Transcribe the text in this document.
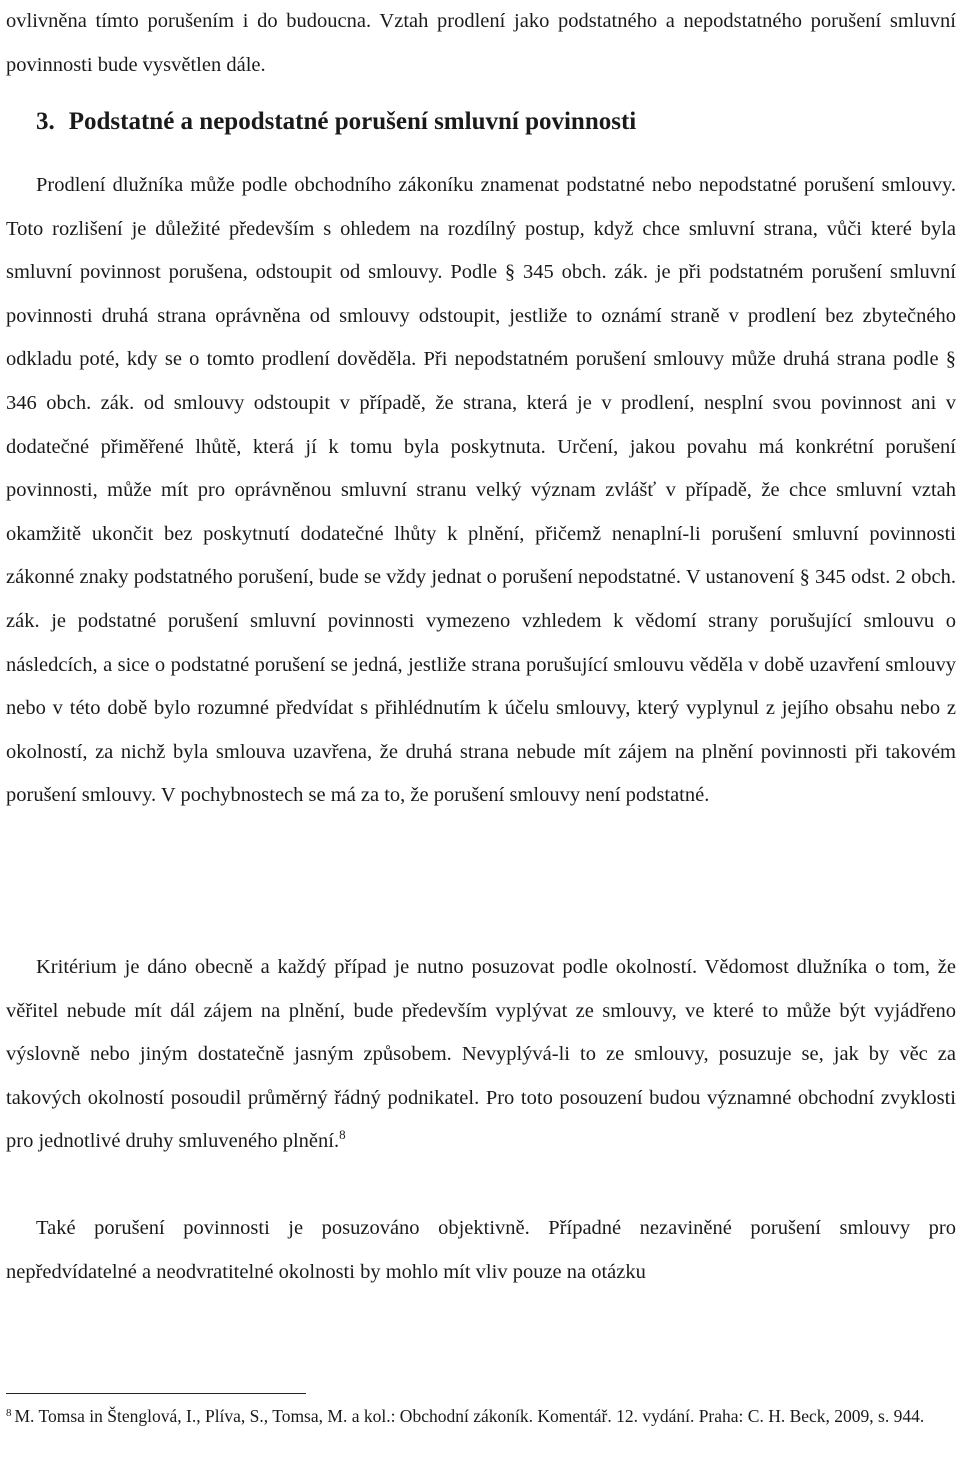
ovlivněna tímto porušením i do budoucna. Vztah prodlení jako podstatného a nepodstatného porušení smluvní povinnosti bude vysvětlen dále.

3. Podstatné a nepodstatné porušení smluvní povinnosti

Prodlení dlužníka může podle obchodního zákoníku znamenat podstatné nebo nepodstatné porušení smlouvy. Toto rozlišení je důležité především s ohledem na rozdílný postup, když chce smluvní strana, vůči které byla smluvní povinnost porušena, odstoupit od smlouvy. Podle § 345 obch. zák. je při podstatném porušení smluvní povinnosti druhá strana oprávněna od smlouvy odstoupit, jestliže to oznámí straně v prodlení bez zbytečného odkladu poté, kdy se o tomto prodlení dověděla. Při nepodstatném porušení smlouvy může druhá strana podle § 346 obch. zák. od smlouvy odstoupit v případě, že strana, která je v prodlení, nesplní svou povinnost ani v dodatečné přiměřené lhůtě, která jí k tomu byla poskytnuta. Určení, jakou povahu má konkrétní porušení povinnosti, může mít pro oprávněnou smluvní stranu velký význam zvlášť v případě, že chce smluvní vztah okamžitě ukončit bez poskytnutí dodatečné lhůty k plnění, přičemž nenaplní-li porušení smluvní povinnosti zákonné znaky podstatného porušení, bude se vždy jednat o porušení nepodstatné. V ustanovení § 345 odst. 2 obch. zák. je podstatné porušení smluvní povinnosti vymezeno vzhledem k vědomí strany porušující smlouvu o následcích, a sice o podstatné porušení se jedná, jestliže strana porušující smlouvu věděla v době uzavření smlouvy nebo v této době bylo rozumné předvídat s přihlédnutím k účelu smlouvy, který vyplynul z jejího obsahu nebo z okolností, za nichž byla smlouva uzavřena, že druhá strana nebude mít zájem na plnění povinnosti při takovém porušení smlouvy. V pochybnostech se má za to, že porušení smlouvy není podstatné.

Kritérium je dáno obecně a každý případ je nutno posuzovat podle okolností. Vědomost dlužníka o tom, že věřitel nebude mít dál zájem na plnění, bude především vyplývat ze smlouvy, ve které to může být vyjádřeno výslovně nebo jiným dostatečně jasným způsobem. Nevyplývá-li to ze smlouvy, posuzuje se, jak by věc za takových okolností posoudil průměrný řádný podnikatel. Pro toto posouzení budou významné obchodní zvyklosti pro jednotlivé druhy smluveného plnění.$^8$

Také porušení povinnosti je posuzováno objektivně. Případné nezaviněné porušení smlouvy pro nepředvídatelné a neodvratitelné okolnosti by mohlo mít vliv pouze na otázku

$^8$ M. Tomsa in Štenglová, I., Plíva, S., Tomsa, M. a kol.: Obchodní zákoník. Komentář. 12. vydání. Praha: C. H. Beck, 2009, s. 944.
